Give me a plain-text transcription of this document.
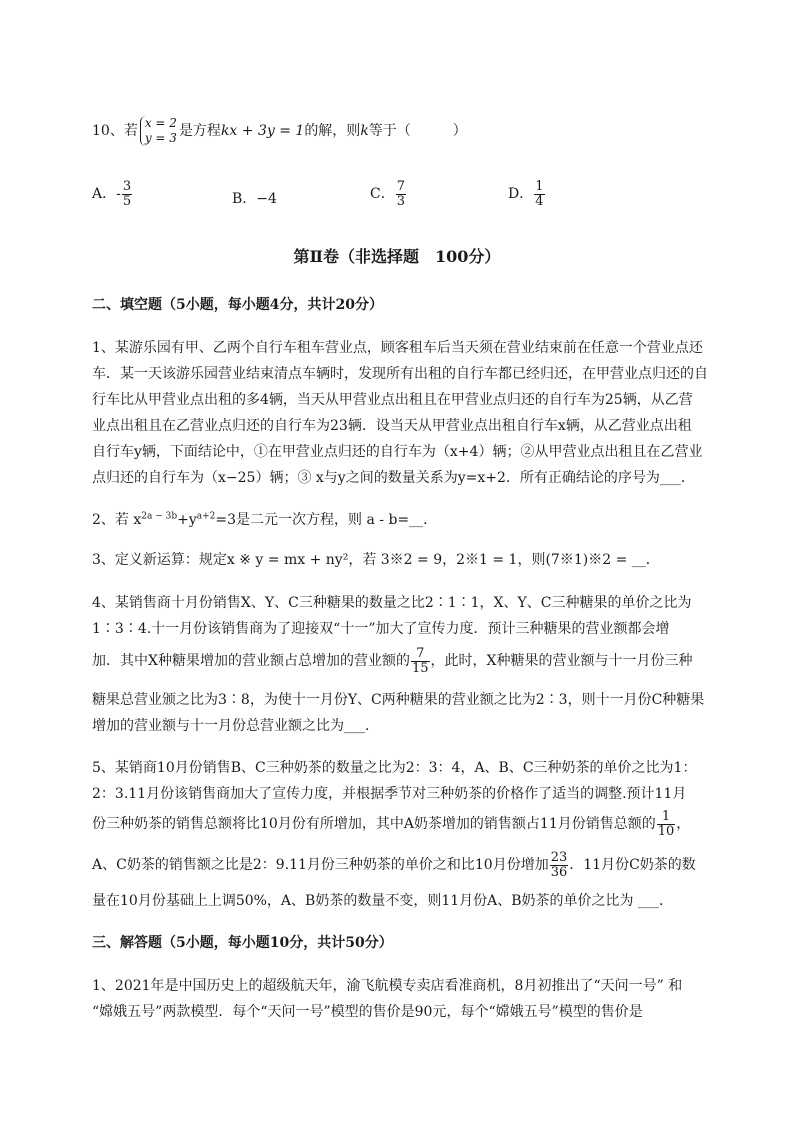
10、若 x = 2
y = 3 是方程kx + 3y = 1的解，则k等于（　　　）
A．- $\frac{3}{5}$	B．−4	C． $\frac{7}{3}$	D． $\frac{1}{4}$
第Ⅱ卷（非选择题　100分）
二、填空题（5小题，每小题4分，共计20分）
1、某游乐园有甲、乙两个自行车租车营业点，顾客租车后当天须在营业结束前在任意一个营业点还
车．某一天该游乐园营业结束清点车辆时，发现所有出租的自行车都已经归还，在甲营业点归还的自
行车比从甲营业点出租的多4辆，当天从甲营业点出租且在甲营业点归还的自行车为25辆，从乙营
业点出租且在乙营业点归还的自行车为23辆．设当天从甲营业点出租自行车x辆，从乙营业点出租
自行车y辆，下面结论中，①在甲营业点归还的自行车为（x+4）辆；②从甲营业点出租且在乙营业
点归还的自行车为（x−25）辆；③ x与y之间的数量关系为y=x+2．所有正确结论的序号为___．
2、若 $x^{2a - 3b}+y^{a+2}=3$是二元一次方程，则 a - b=__．
3、定义新运算：规定x ※ y = mx + ny²，若 3※2 = 9，2※1 = 1，则(7※1)※2 = __．
4、某销售商十月份销售X、Y、C三种糖果的数量之比2∶1∶1，X、Y、C三种糖果的单价之比为
1∶3∶4.十一月份该销售商为了迎接双“十一”加大了宣传力度．预计三种糖果的营业额都会增
加．其中X种糖果增加的营业额占总增加的营业额的 $\frac{7}{15}$ ，此时，X种糖果的营业额与十一月份三种
糖果总营业颁之比为3∶8，为使十一月份Y、C两种糖果的营业额之比为2∶3，则十一月份C种糖果
增加的营业额与十一月份总营业额之比为___．
5、某销商10月份销售B、C三种奶茶的数量之比为2：3：4，A、B、C三种奶茶的单价之比为1：
2：3.11月份该销售商加大了宣传力度，并根据季节对三种奶茶的价格作了适当的调整.预计11月
份三种奶茶的销售总额将比10月份有所增加，其中A奶茶增加的销售额占11月份销售总额的 $\frac{1}{10}$ ，
A、C奶茶的销售额之比是2：9.11月份三种奶茶的单价之和比10月份增加 $\frac{23}{36}$ ．11月份C奶茶的数
量在10月份基础上上调50%，A、B奶茶的数量不变，则11月份A、B奶茶的单价之比为 ___．
三、解答题（5小题，每小题10分，共计50分）
1、2021年是中国历史上的超级航天年，渝飞航模专卖店看准商机，8月初推出了“天问一号” 和
“嫦娥五号”两款模型．每个“天问一号”模型的售价是90元，每个“嫦娥五号”模型的售价是
